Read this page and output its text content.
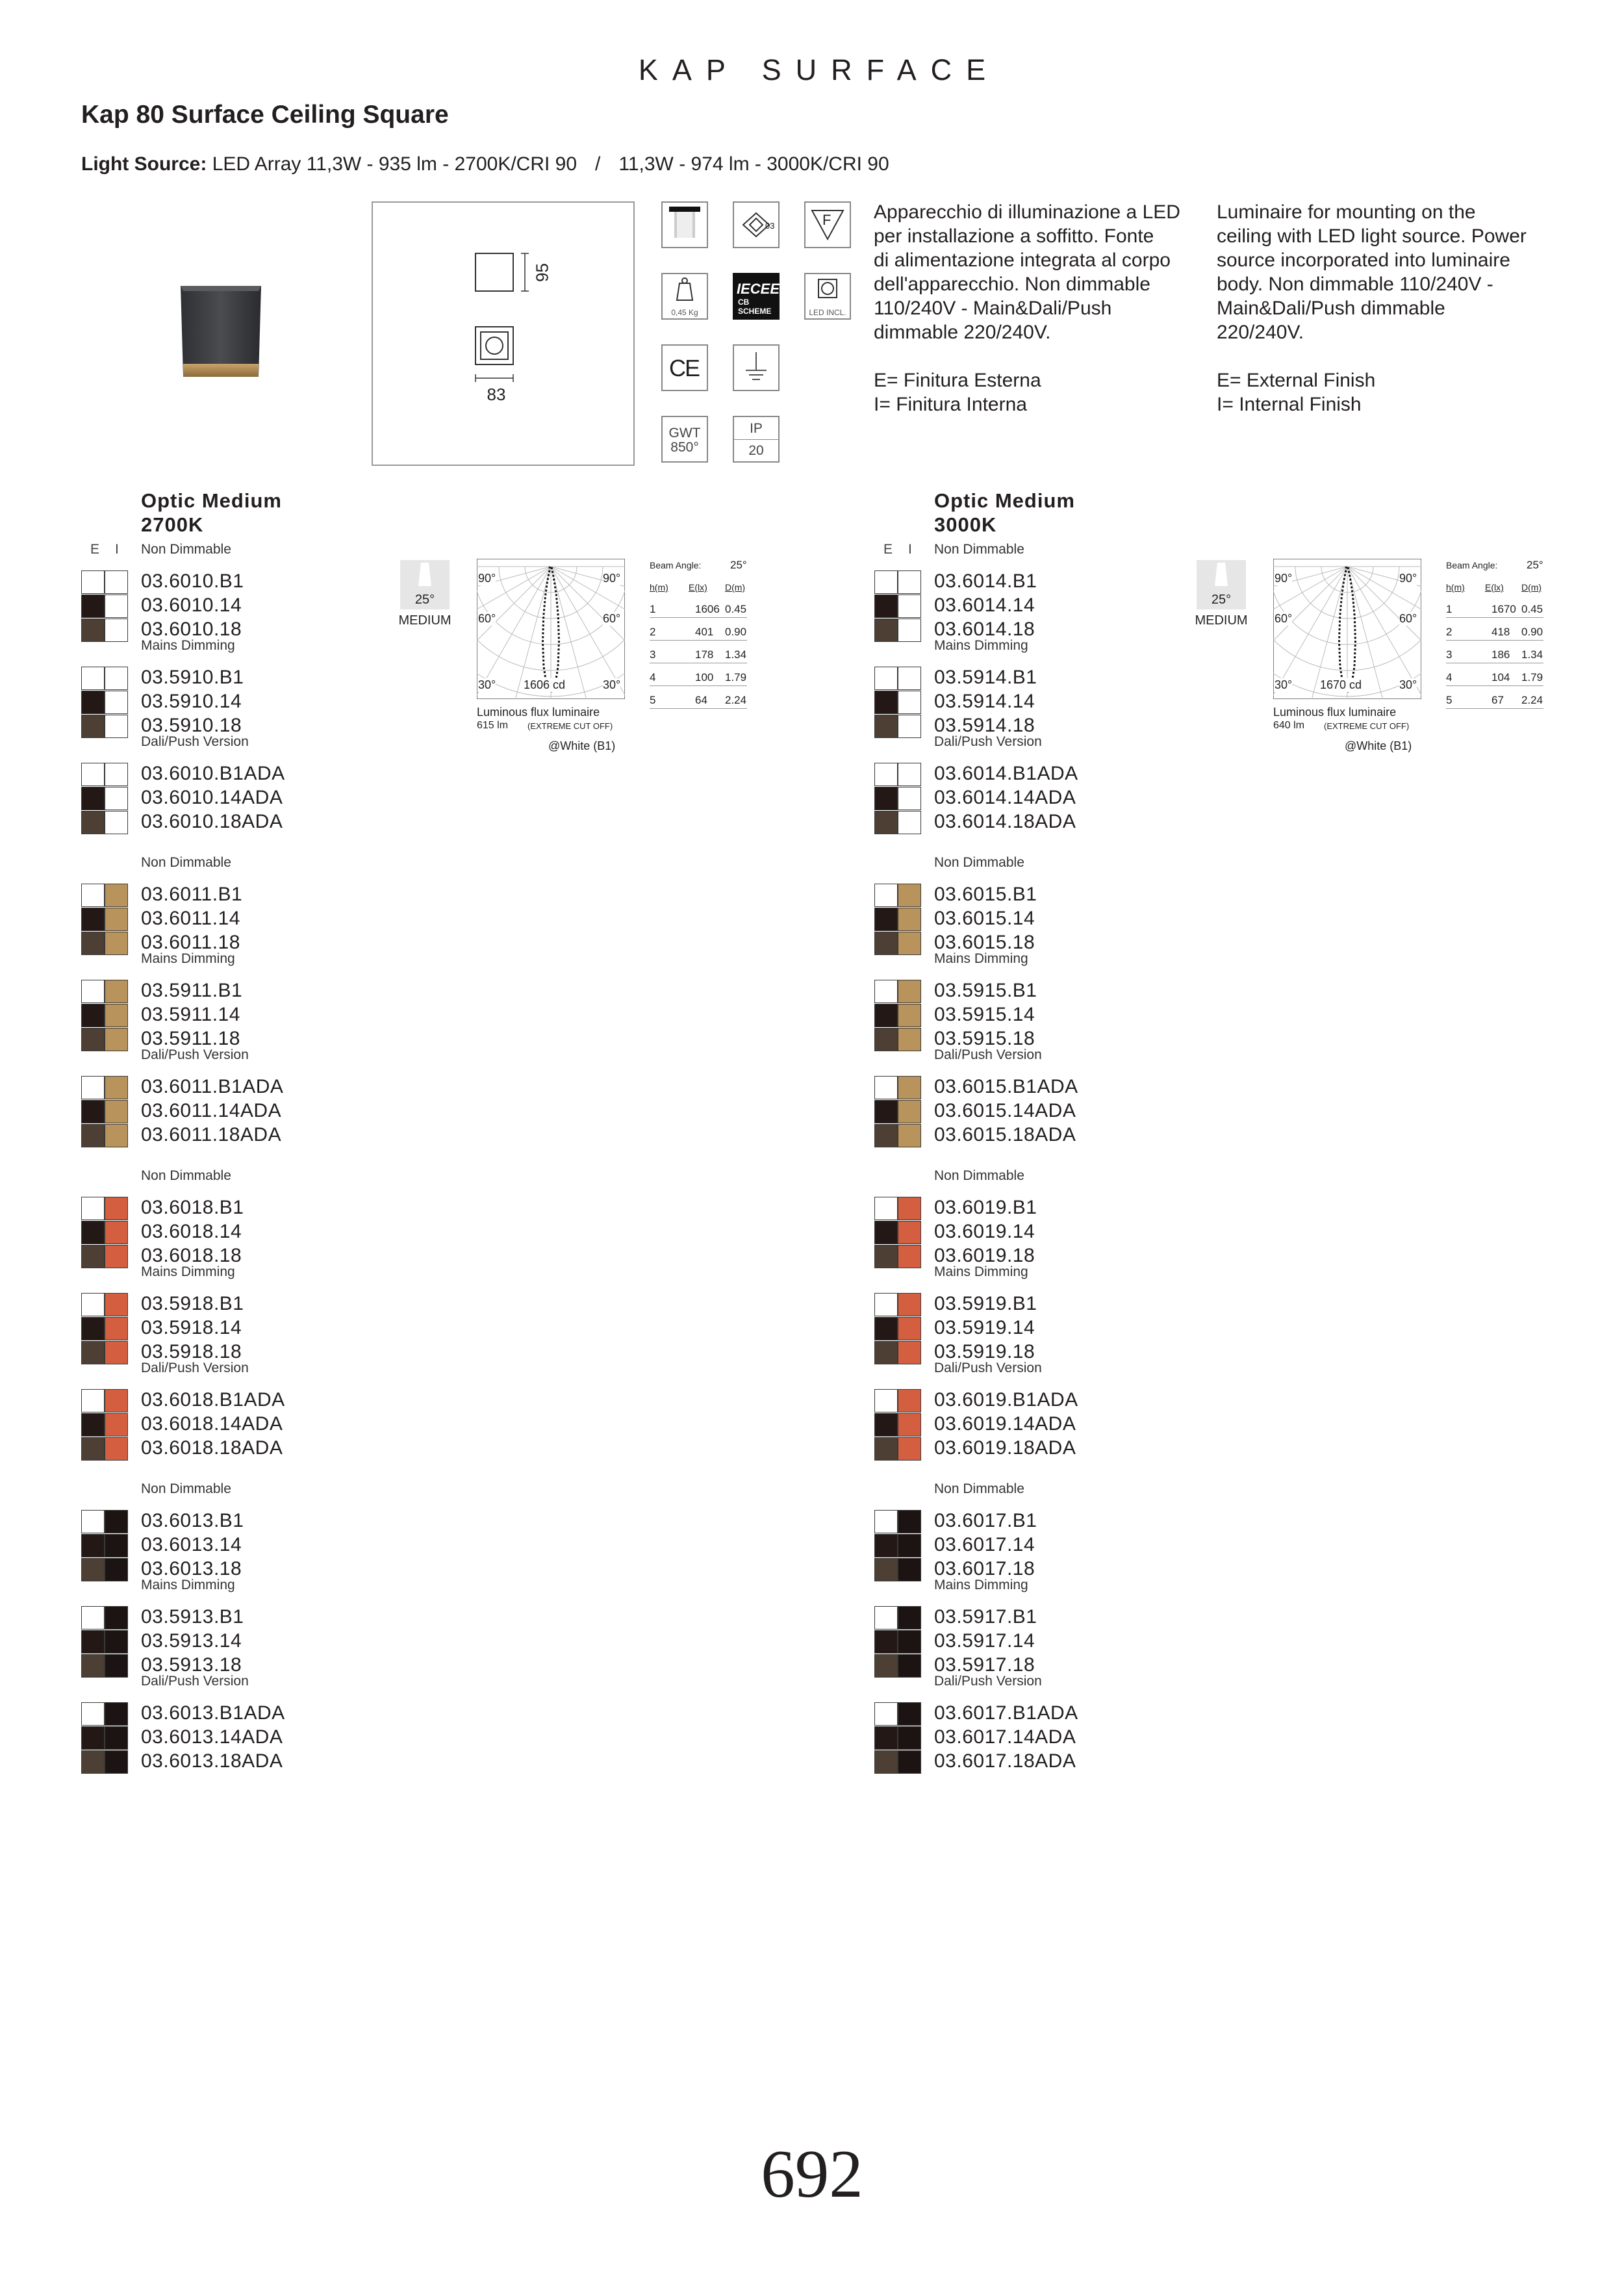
KAP SURFACE
Kap 80 Surface Ceiling Square
Light Source: LED Array 11,3W - 935 lm - 2700K/CRI 90 / 11,3W - 974 lm - 3000K/CRI 90
95
83
03	F
0,45 Kg
IECEE
CB
SCHEME	LED INCL.
CE
GWT
850°
IP
20
Apparecchio di illuminazione a LED
per installazione a soffitto. Fonte
di alimentazione integrata al corpo
dell'apparecchio. Non dimmable
110/240V - Main&Dali/Push
dimmable 220/240V.
E= Finitura Esterna
I= Finitura Interna
Luminaire for mounting on the
ceiling with LED light source. Power
source incorporated into luminaire
body. Non dimmable 110/240V -
Main&Dali/Push dimmable
220/240V.
E= External Finish
I= Internal Finish
Optic Medium
2700K
E I Non Dimmable
03.6010.B1
03.6010.14
03.6010.18
Mains Dimming
03.5910.B1
03.5910.14
03.5910.18
Dali/Push Version
03.6010.B1ADA
03.6010.14ADA
03.6010.18ADA
Non Dimmable
03.6011.B1
03.6011.14
03.6011.18
Mains Dimming
03.5911.B1
03.5911.14
03.5911.18
Dali/Push Version
03.6011.B1ADA
03.6011.14ADA
03.6011.18ADA
Non Dimmable
03.6018.B1
03.6018.14
03.6018.18
Mains Dimming
03.5918.B1
03.5918.14
03.5918.18
Dali/Push Version
03.6018.B1ADA
03.6018.14ADA
03.6018.18ADA
Non Dimmable
03.6013.B1
03.6013.14
03.6013.18
Mains Dimming
03.5913.B1
03.5913.14
03.5913.18
Dali/Push Version
03.6013.B1ADA
03.6013.14ADA
03.6013.18ADA
25°
MEDIUM
90°	90°
60°	60°
30°	30°
1606 cd
Luminous flux luminaire
615 lm (EXTREME CUT OFF)
@White (B1)
Beam Angle:	25°
h(m) E(lx) D(m)
1	1606 0.45
2	401 0.90
3	178 1.34
4	100 1.79
5	64 2.24
Optic Medium
3000K
E I Non Dimmable
03.6014.B1
03.6014.14
03.6014.18
Mains Dimming
03.5914.B1
03.5914.14
03.5914.18
Dali/Push Version
03.6014.B1ADA
03.6014.14ADA
03.6014.18ADA
Non Dimmable
03.6015.B1
03.6015.14
03.6015.18
Mains Dimming
03.5915.B1
03.5915.14
03.5915.18
Dali/Push Version
03.6015.B1ADA
03.6015.14ADA
03.6015.18ADA
Non Dimmable
03.6019.B1
03.6019.14
03.6019.18
Mains Dimming
03.5919.B1
03.5919.14
03.5919.18
Dali/Push Version
03.6019.B1ADA
03.6019.14ADA
03.6019.18ADA
Non Dimmable
03.6017.B1
03.6017.14
03.6017.18
Mains Dimming
03.5917.B1
03.5917.14
03.5917.18
Dali/Push Version
03.6017.B1ADA
03.6017.14ADA
03.6017.18ADA
25°
MEDIUM
90°	90°
60°	60°
30°	30°
1670 cd
Luminous flux luminaire
640 lm (EXTREME CUT OFF)
@White (B1)
Beam Angle:	25°
h(m) E(lx) D(m)
1	1670 0.45
2	418 0.90
3	186 1.34
4	104 1.79
5	67 2.24
692
